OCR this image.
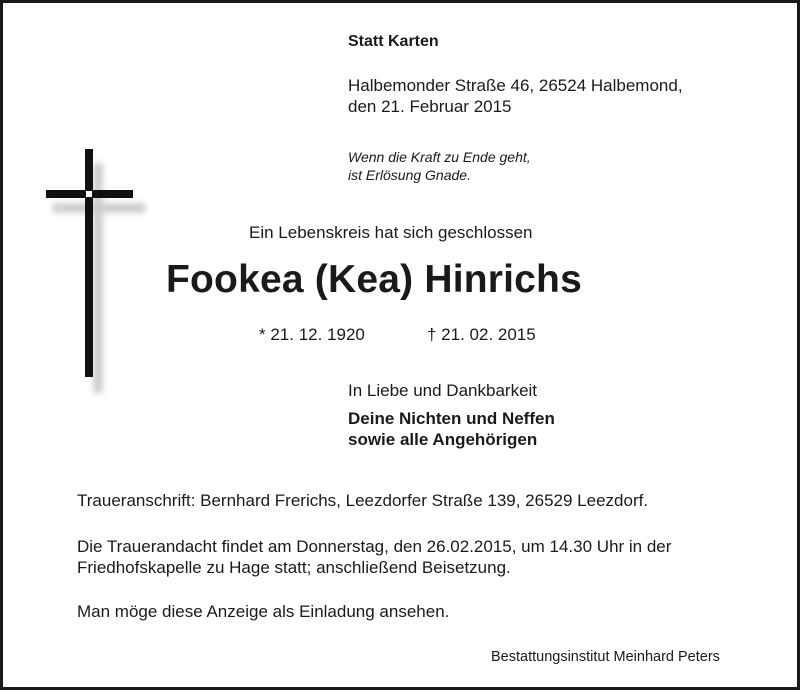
Statt Karten
Halbemonder Straße 46, 26524 Halbemond,
den 21. Februar 2015
Wenn die Kraft zu Ende geht,
ist Erlösung Gnade.
Ein Lebenskreis hat sich geschlossen
Fookea (Kea) Hinrichs
* 21. 12. 1920	† 21. 02. 2015
In Liebe und Dankbarkeit
Deine Nichten und Neffen
sowie alle Angehörigen
Traueranschrift: Bernhard Frerichs, Leezdorfer Straße 139, 26529 Leezdorf.
Die Trauerandacht findet am Donnerstag, den 26.02.2015, um 14.30 Uhr in der
Friedhofskapelle zu Hage statt; anschließend Beisetzung.
Man möge diese Anzeige als Einladung ansehen.
Bestattungsinstitut Meinhard Peters
